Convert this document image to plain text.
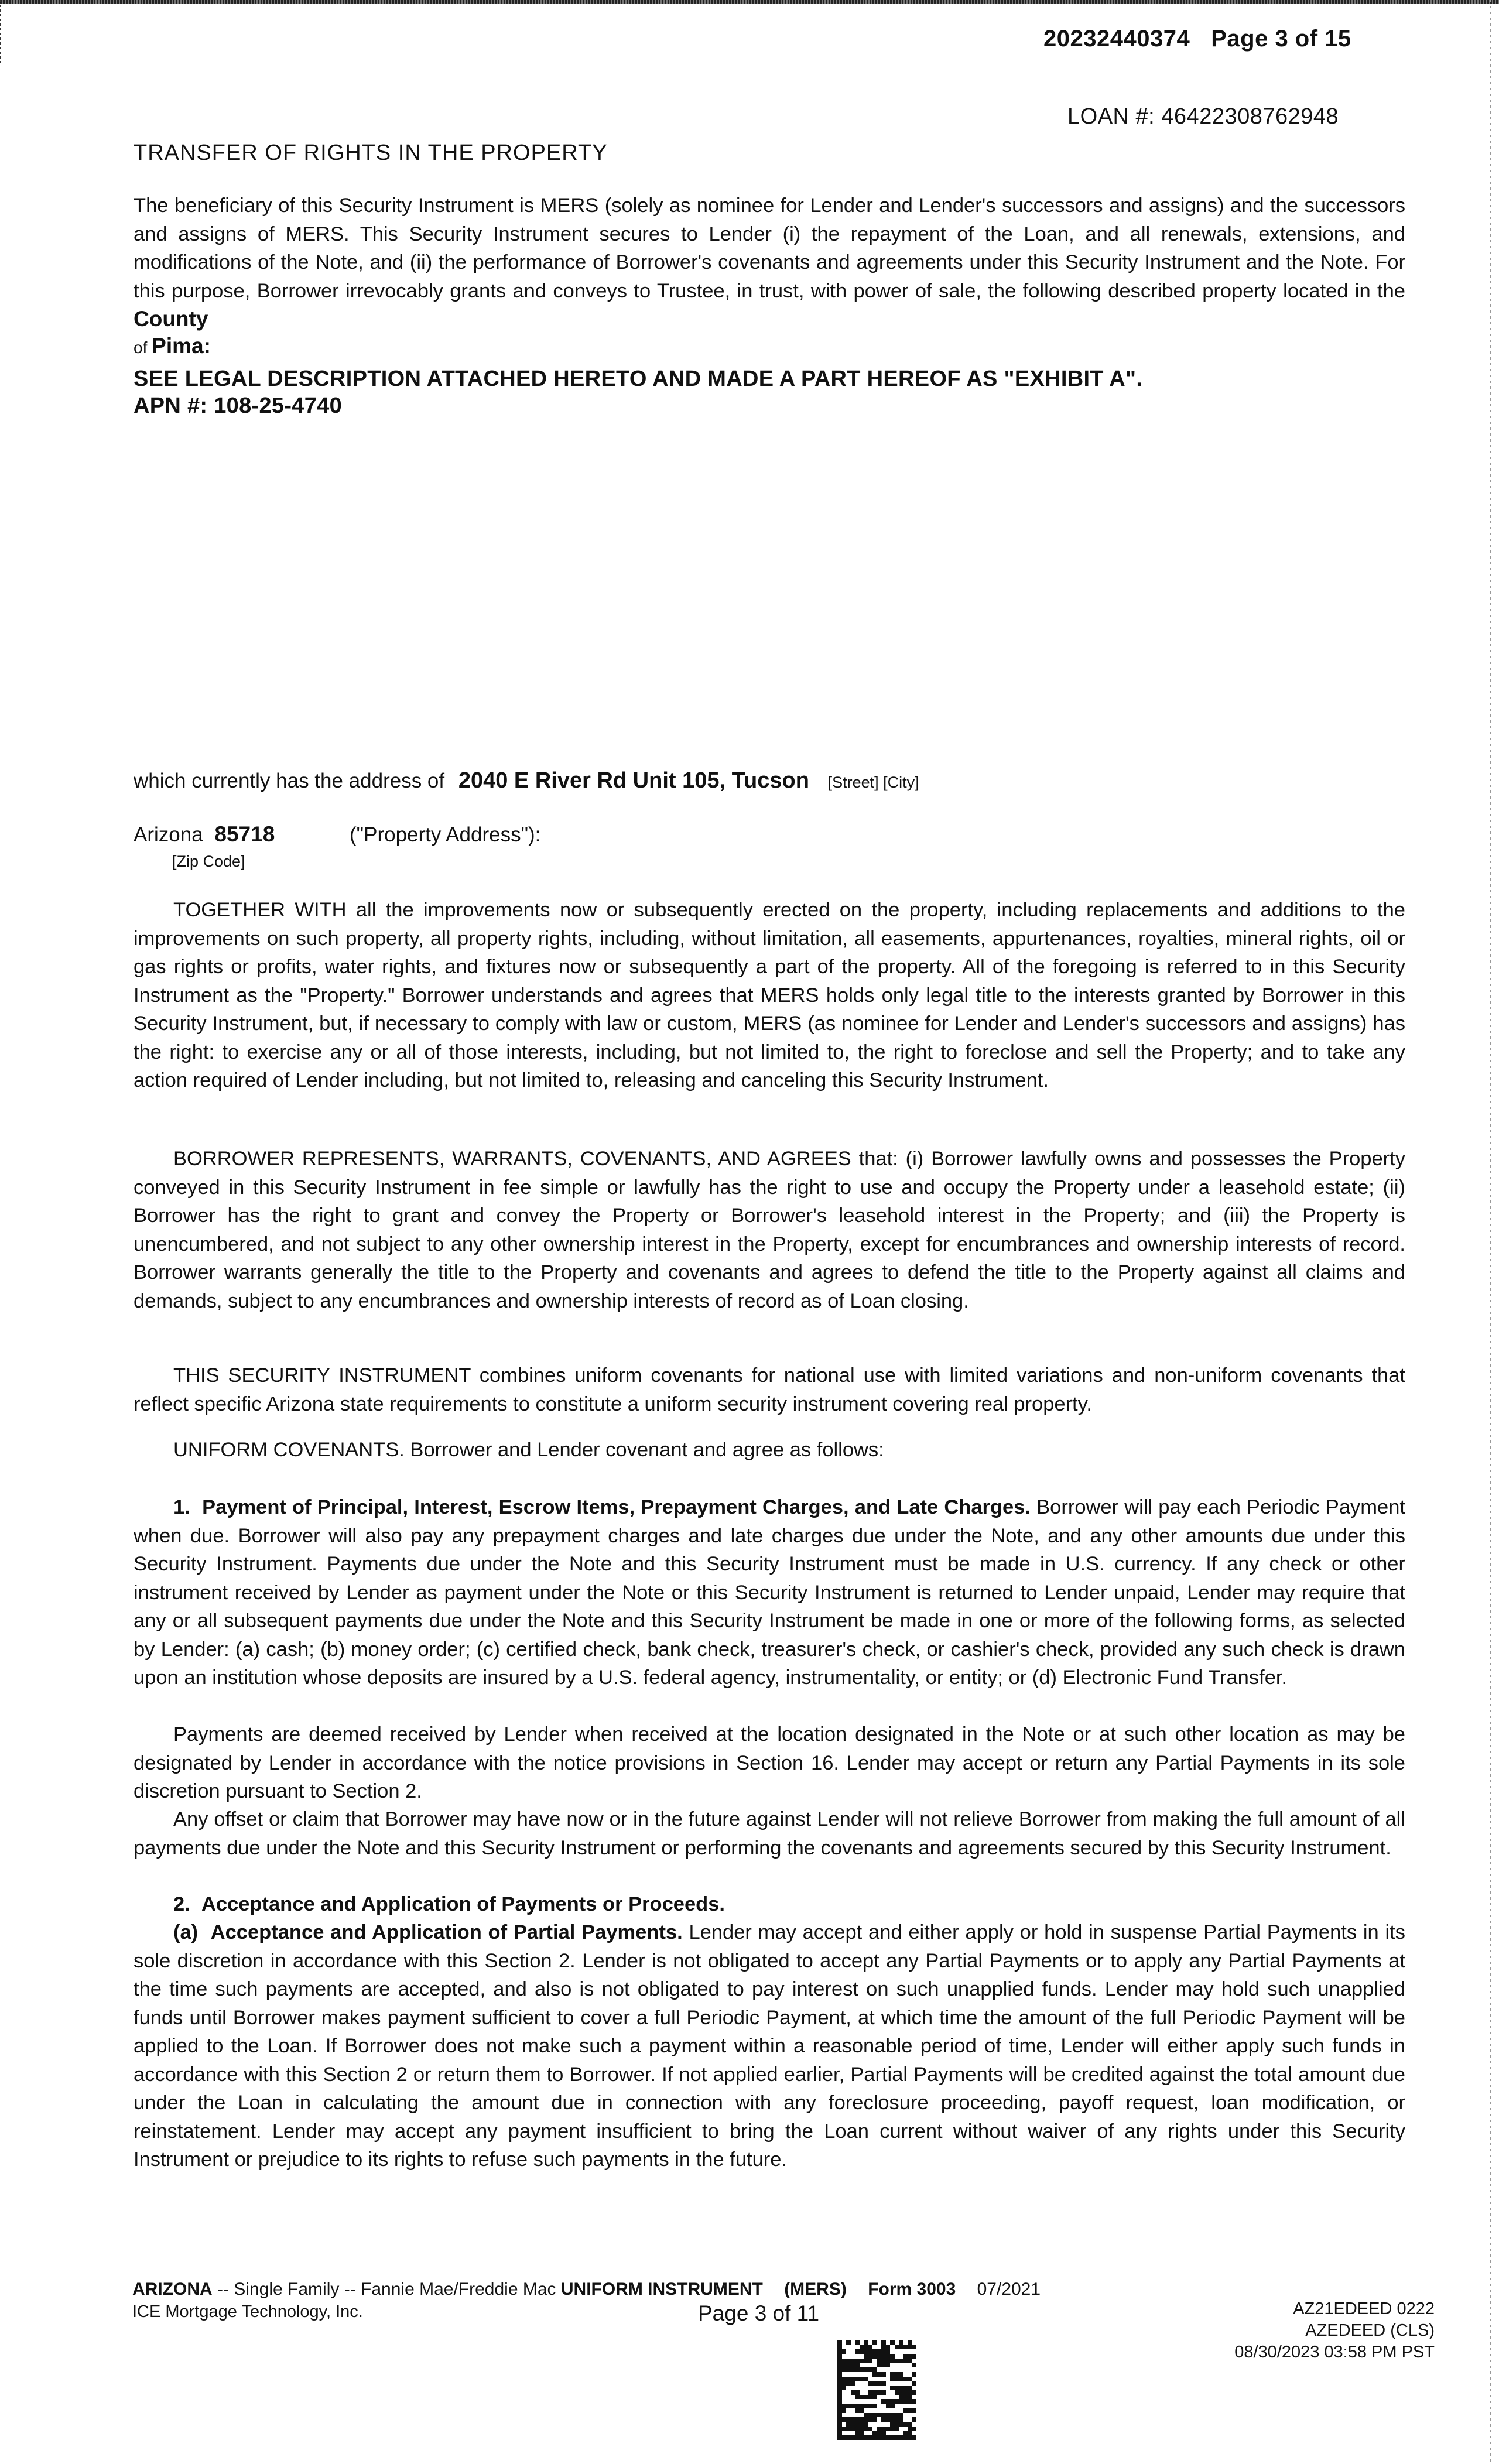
20232440374 Page 3 of 15
LOAN #: 46422308762948
TRANSFER OF RIGHTS IN THE PROPERTY
The beneficiary of this Security Instrument is MERS (solely as nominee for Lender and Lender's successors and assigns) and the successors and assigns of MERS. This Security Instrument secures to Lender (i) the repayment of the Loan, and all renewals, extensions, and modifications of the Note, and (ii) the performance of Borrower's covenants and agreements under this Security Instrument and the Note. For this purpose, Borrower irrevocably grants and conveys to Trustee, in trust, with power of sale, the following described property located in the County
of Pima:
SEE LEGAL DESCRIPTION ATTACHED HERETO AND MADE A PART HEREOF AS "EXHIBIT A".
APN #: 108-25-4740
which currently has the address of 2040 E River Rd Unit 105, Tucson [Street] [City]
Arizona 85718	("Property Address"):
[Zip Code]
TOGETHER WITH all the improvements now or subsequently erected on the property, including replacements and additions to the improvements on such property, all property rights, including, without limitation, all easements, appurtenances, royalties, mineral rights, oil or gas rights or profits, water rights, and fixtures now or subsequently a part of the property. All of the foregoing is referred to in this Security Instrument as the "Property." Borrower understands and agrees that MERS holds only legal title to the interests granted by Borrower in this Security Instrument, but, if necessary to comply with law or custom, MERS (as nominee for Lender and Lender's successors and assigns) has the right: to exercise any or all of those interests, including, but not limited to, the right to foreclose and sell the Property; and to take any action required of Lender including, but not limited to, releasing and canceling this Security Instrument.
BORROWER REPRESENTS, WARRANTS, COVENANTS, AND AGREES that: (i) Borrower lawfully owns and possesses the Property conveyed in this Security Instrument in fee simple or lawfully has the right to use and occupy the Property under a leasehold estate; (ii) Borrower has the right to grant and convey the Property or Borrower's leasehold interest in the Property; and (iii) the Property is unencumbered, and not subject to any other ownership interest in the Property, except for encumbrances and ownership interests of record. Borrower warrants generally the title to the Property and covenants and agrees to defend the title to the Property against all claims and demands, subject to any encumbrances and ownership interests of record as of Loan closing.
THIS SECURITY INSTRUMENT combines uniform covenants for national use with limited variations and non-uniform covenants that reflect specific Arizona state requirements to constitute a uniform security instrument covering real property.
UNIFORM COVENANTS. Borrower and Lender covenant and agree as follows:
1. Payment of Principal, Interest, Escrow Items, Prepayment Charges, and Late Charges. Borrower will pay each Periodic Payment when due. Borrower will also pay any prepayment charges and late charges due under the Note, and any other amounts due under this Security Instrument. Payments due under the Note and this Security Instrument must be made in U.S. currency. If any check or other instrument received by Lender as payment under the Note or this Security Instrument is returned to Lender unpaid, Lender may require that any or all subsequent payments due under the Note and this Security Instrument be made in one or more of the following forms, as selected by Lender: (a) cash; (b) money order; (c) certified check, bank check, treasurer's check, or cashier's check, provided any such check is drawn upon an institution whose deposits are insured by a U.S. federal agency, instrumentality, or entity; or (d) Electronic Fund Transfer.
Payments are deemed received by Lender when received at the location designated in the Note or at such other location as may be designated by Lender in accordance with the notice provisions in Section 16. Lender may accept or return any Partial Payments in its sole discretion pursuant to Section 2.
Any offset or claim that Borrower may have now or in the future against Lender will not relieve Borrower from making the full amount of all payments due under the Note and this Security Instrument or performing the covenants and agreements secured by this Security Instrument.
2. Acceptance and Application of Payments or Proceeds.
(a) Acceptance and Application of Partial Payments. Lender may accept and either apply or hold in suspense Partial Payments in its sole discretion in accordance with this Section 2. Lender is not obligated to accept any Partial Payments or to apply any Partial Payments at the time such payments are accepted, and also is not obligated to pay interest on such unapplied funds. Lender may hold such unapplied funds until Borrower makes payment sufficient to cover a full Periodic Payment, at which time the amount of the full Periodic Payment will be applied to the Loan. If Borrower does not make such a payment within a reasonable period of time, Lender will either apply such funds in accordance with this Section 2 or return them to Borrower. If not applied earlier, Partial Payments will be credited against the total amount due under the Loan in calculating the amount due in connection with any foreclosure proceeding, payoff request, loan modification, or reinstatement. Lender may accept any payment insufficient to bring the Loan current without waiver of any rights under this Security Instrument or prejudice to its rights to refuse such payments in the future.
ARIZONA -- Single Family -- Fannie Mae/Freddie Mac UNIFORM INSTRUMENT (MERS) Form 3003 07/2021
ICE Mortgage Technology, Inc.	Page 3 of 11	AZ21EDEED 0222
AZEDEED (CLS)
08/30/2023 03:58 PM PST
